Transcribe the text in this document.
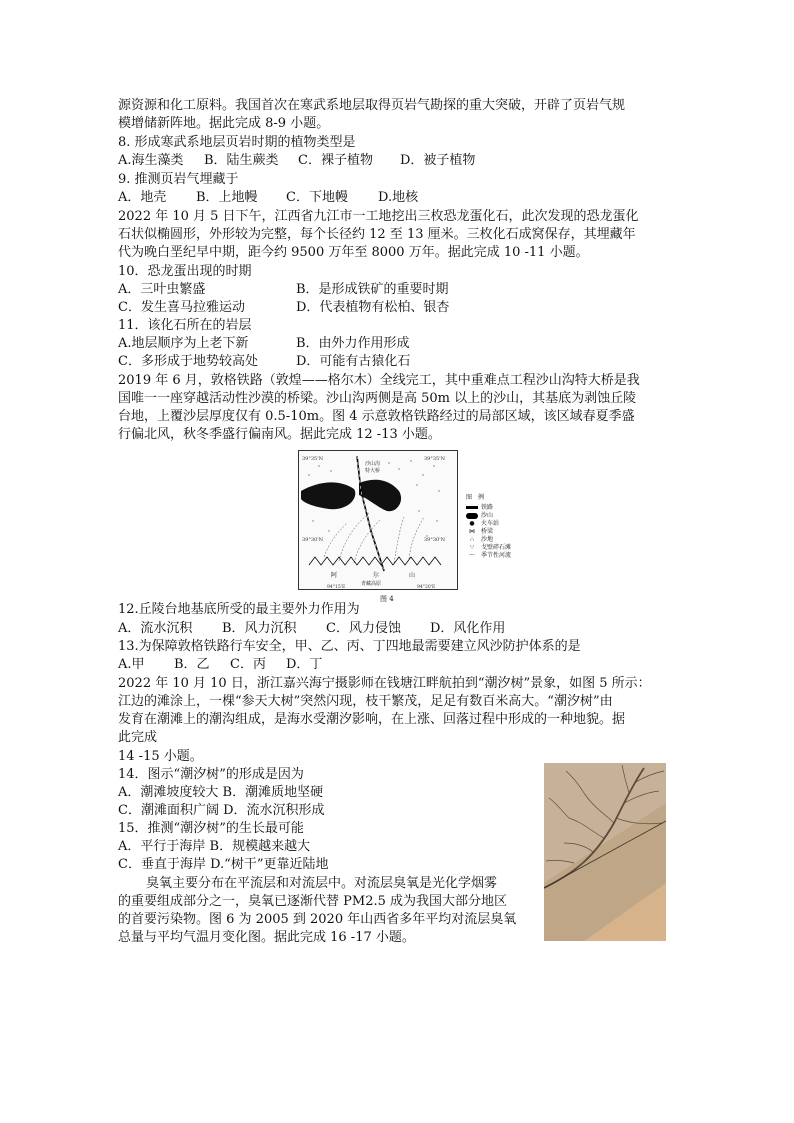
源资源和化工原料。我国首次在寒武系地层取得页岩气勘探的重大突破，开辟了页岩气规
模增储新阵地。据此完成 8-9 小题。
8. 形成寒武系地层页岩时期的植物类型是
A.海生藻类 B．陆生蕨类 C．裸子植物 D．被子植物
9. 推测页岩气埋藏于
A．地壳 B．上地幔 C．下地幔 D.地核
2022 年 10 月 5 日下午，江西省九江市一工地挖出三枚恐龙蛋化石，此次发现的恐龙蛋化
石状似椭圆形，外形较为完整，每个长径约 12 至 13 厘米。三枚化石成窝保存，其埋藏年
代为晚白垩纪早中期，距今约 9500 万年至 8000 万年。据此完成 10 -11 小题。
10．恐龙蛋出现的时期
A．三叶虫繁盛	B．是形成铁矿的重要时期
C．发生喜马拉雅运动	D．代表植物有松柏、银杏
11．该化石所在的岩层
A.地层顺序为上老下新	B．由外力作用形成
C．多形成于地势较高处	D．可能有古猿化石
2019 年 6 月，敦格铁路（敦煌——格尔木）全线完工，其中重难点工程沙山沟特大桥是我
国唯一一座穿越活动性沙漠的桥梁。沙山沟两侧是高 50m 以上的沙山，其基底为剥蚀丘陵
台地，上覆沙层厚度仅有 0.5-10m。图 4 示意敦格铁路经过的局部区域，该区域春夏季盛
行偏北风，秋冬季盛行偏南风。据此完成 12 -13 小题。
39°35'N	39°35'N
39°30'N	39°30'N
沙山沟
特大桥
阿	尔	山
青藏高原
94°15'E	94°20'E
图　例
铁路
沙山
● 火车站
⋈ 桥梁
∴ 沙地
∵ 戈壁碎石滩
～ 季节性河流
图 4
12.丘陵台地基底所受的最主要外力作用为
A．流水沉积 B．风力沉积 C．风力侵蚀 D．风化作用
13.为保障敦格铁路行车安全，甲、乙、丙、丁四地最需要建立风沙防护体系的是
A.甲 B．乙 C．丙 D．丁
2022 年 10 月 10 日，浙江嘉兴海宁摄影师在钱塘江畔航拍到“潮汐树”景象，如图 5 所示：
江边的滩涂上，一棵“参天大树”突然闪现，枝干繁茂，足足有数百米高大。“潮汐树”由
发育在潮滩上的潮沟组成，是海水受潮汐影响，在上涨、回落过程中形成的一种地貌。据
此完成
14 -15 小题。
14．图示“潮汐树”的形成是因为
A．潮滩坡度较大 B．潮滩质地坚硬
C．潮滩面积广阔 D．流水沉积形成
15．推测“潮汐树”的生长最可能
A．平行于海岸 B．规模越来越大
C．垂直于海岸 D.“树干”更靠近陆地
臭氧主要分布在平流层和对流层中。对流层臭氧是光化学烟雾
的重要组成部分之一，臭氧已逐渐代替 PM2.5 成为我国大部分地区
的首要污染物。图 6 为 2005 到 2020 年山西省多年平均对流层臭氧
总量与平均气温月变化图。据此完成 16 -17 小题。
